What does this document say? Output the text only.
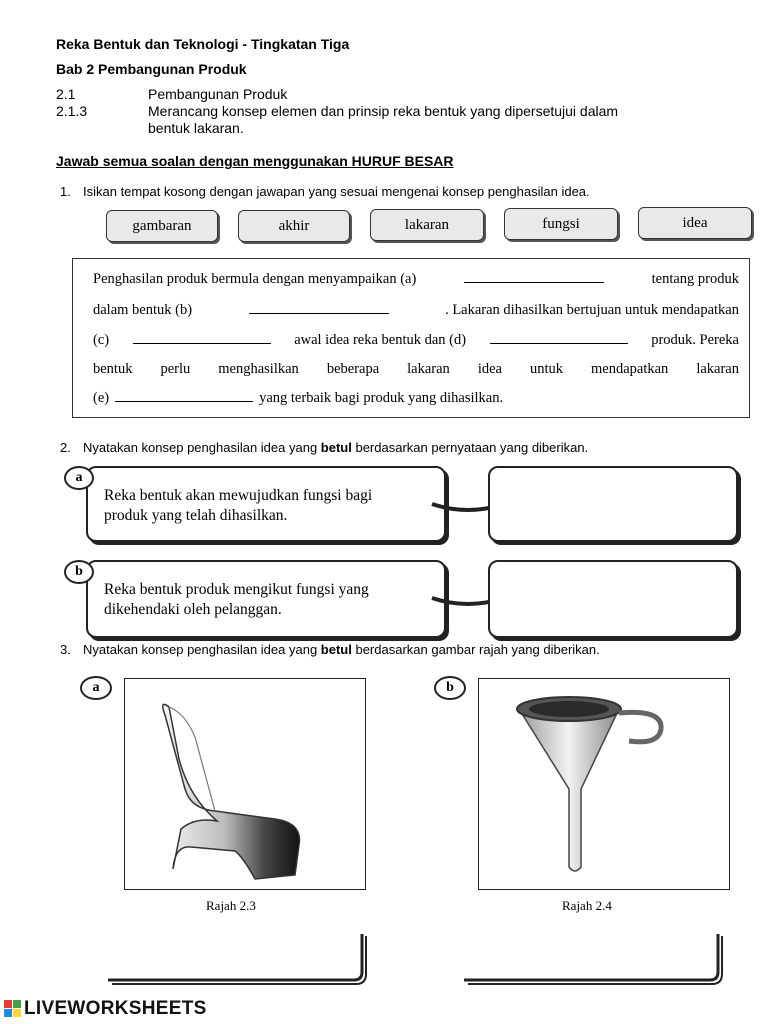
Reka Bentuk dan Teknologi - Tingkatan Tiga
Bab 2 Pembangunan Produk
2.1	Pembangunan Produk
2.1.3	Merancang konsep elemen dan prinsip reka bentuk yang dipersetujui dalam
bentuk lakaran.
Jawab semua soalan dengan menggunakan HURUF BESAR
1. Isikan tempat kosong dengan jawapan yang sesuai mengenai konsep penghasilan idea.
gambaran	akhir	lakaran	fungsi	idea
Penghasilan produk bermula dengan menyampaikan (a)	tentang produk
dalam bentuk (b)	. Lakaran dihasilkan bertujuan untuk mendapatkan
(c)	awal idea reka bentuk dan (d)	produk. Pereka
bentuk perlu menghasilkan beberapa lakaran idea untuk mendapatkan lakaran
(e)	yang terbaik bagi produk yang dihasilkan.
2. Nyatakan konsep penghasilan idea yang betul berdasarkan pernyataan yang diberikan.
Reka bentuk akan mewujudkan fungsi bagi
produk yang telah dihasilkan.
a
Reka bentuk produk mengikut fungsi yang
dikehendaki oleh pelanggan.
b
3. Nyatakan konsep penghasilan idea yang betul berdasarkan gambar rajah yang diberikan.
a
Rajah 2.3
b
Rajah 2.4
LIVEWORKSHEETS
